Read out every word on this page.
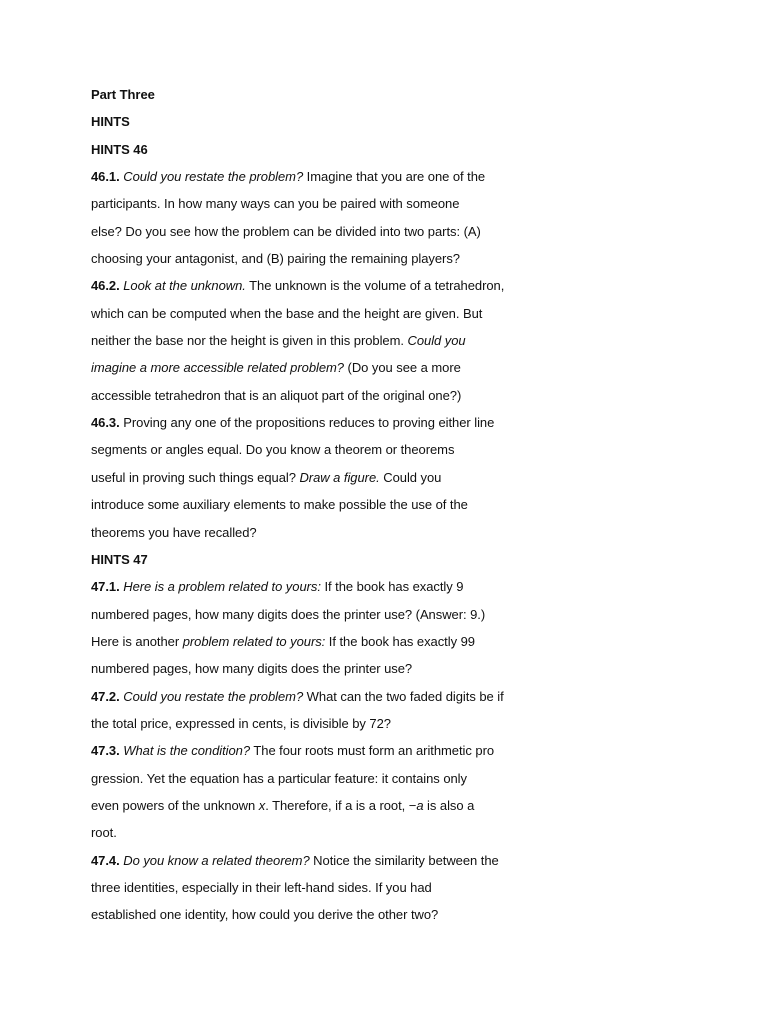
Part Three
HINTS
HINTS 46
46.1. Could you restate the problem? Imagine that you are one of the
participants. In how many ways can you be paired with someone
else? Do you see how the problem can be divided into two parts: (A)
choosing your antagonist, and (B) pairing the remaining players?
46.2. Look at the unknown. The unknown is the volume of a tetrahedron,
which can be computed when the base and the height are given. But
neither the base nor the height is given in this problem. Could you
imagine a more accessible related problem? (Do you see a more
accessible tetrahedron that is an aliquot part of the original one?)
46.3. Proving any one of the propositions reduces to proving either line
segments or angles equal. Do you know a theorem or theorems
useful in proving such things equal? Draw a figure. Could you
introduce some auxiliary elements to make possible the use of the
theorems you have recalled?
HINTS 47
47.1. Here is a problem related to yours: If the book has exactly 9
numbered pages, how many digits does the printer use? (Answer: 9.)
Here is another problem related to yours: If the book has exactly 99
numbered pages, how many digits does the printer use?
47.2. Could you restate the problem? What can the two faded digits be if
the total price, expressed in cents, is divisible by 72?
47.3. What is the condition? The four roots must form an arithmetic pro
gression. Yet the equation has a particular feature: it contains only
even powers of the unknown x. Therefore, if a is a root, −a is also a
root.
47.4. Do you know a related theorem? Notice the similarity between the
three identities, especially in their left-hand sides. If you had
established one identity, how could you derive the other two?
